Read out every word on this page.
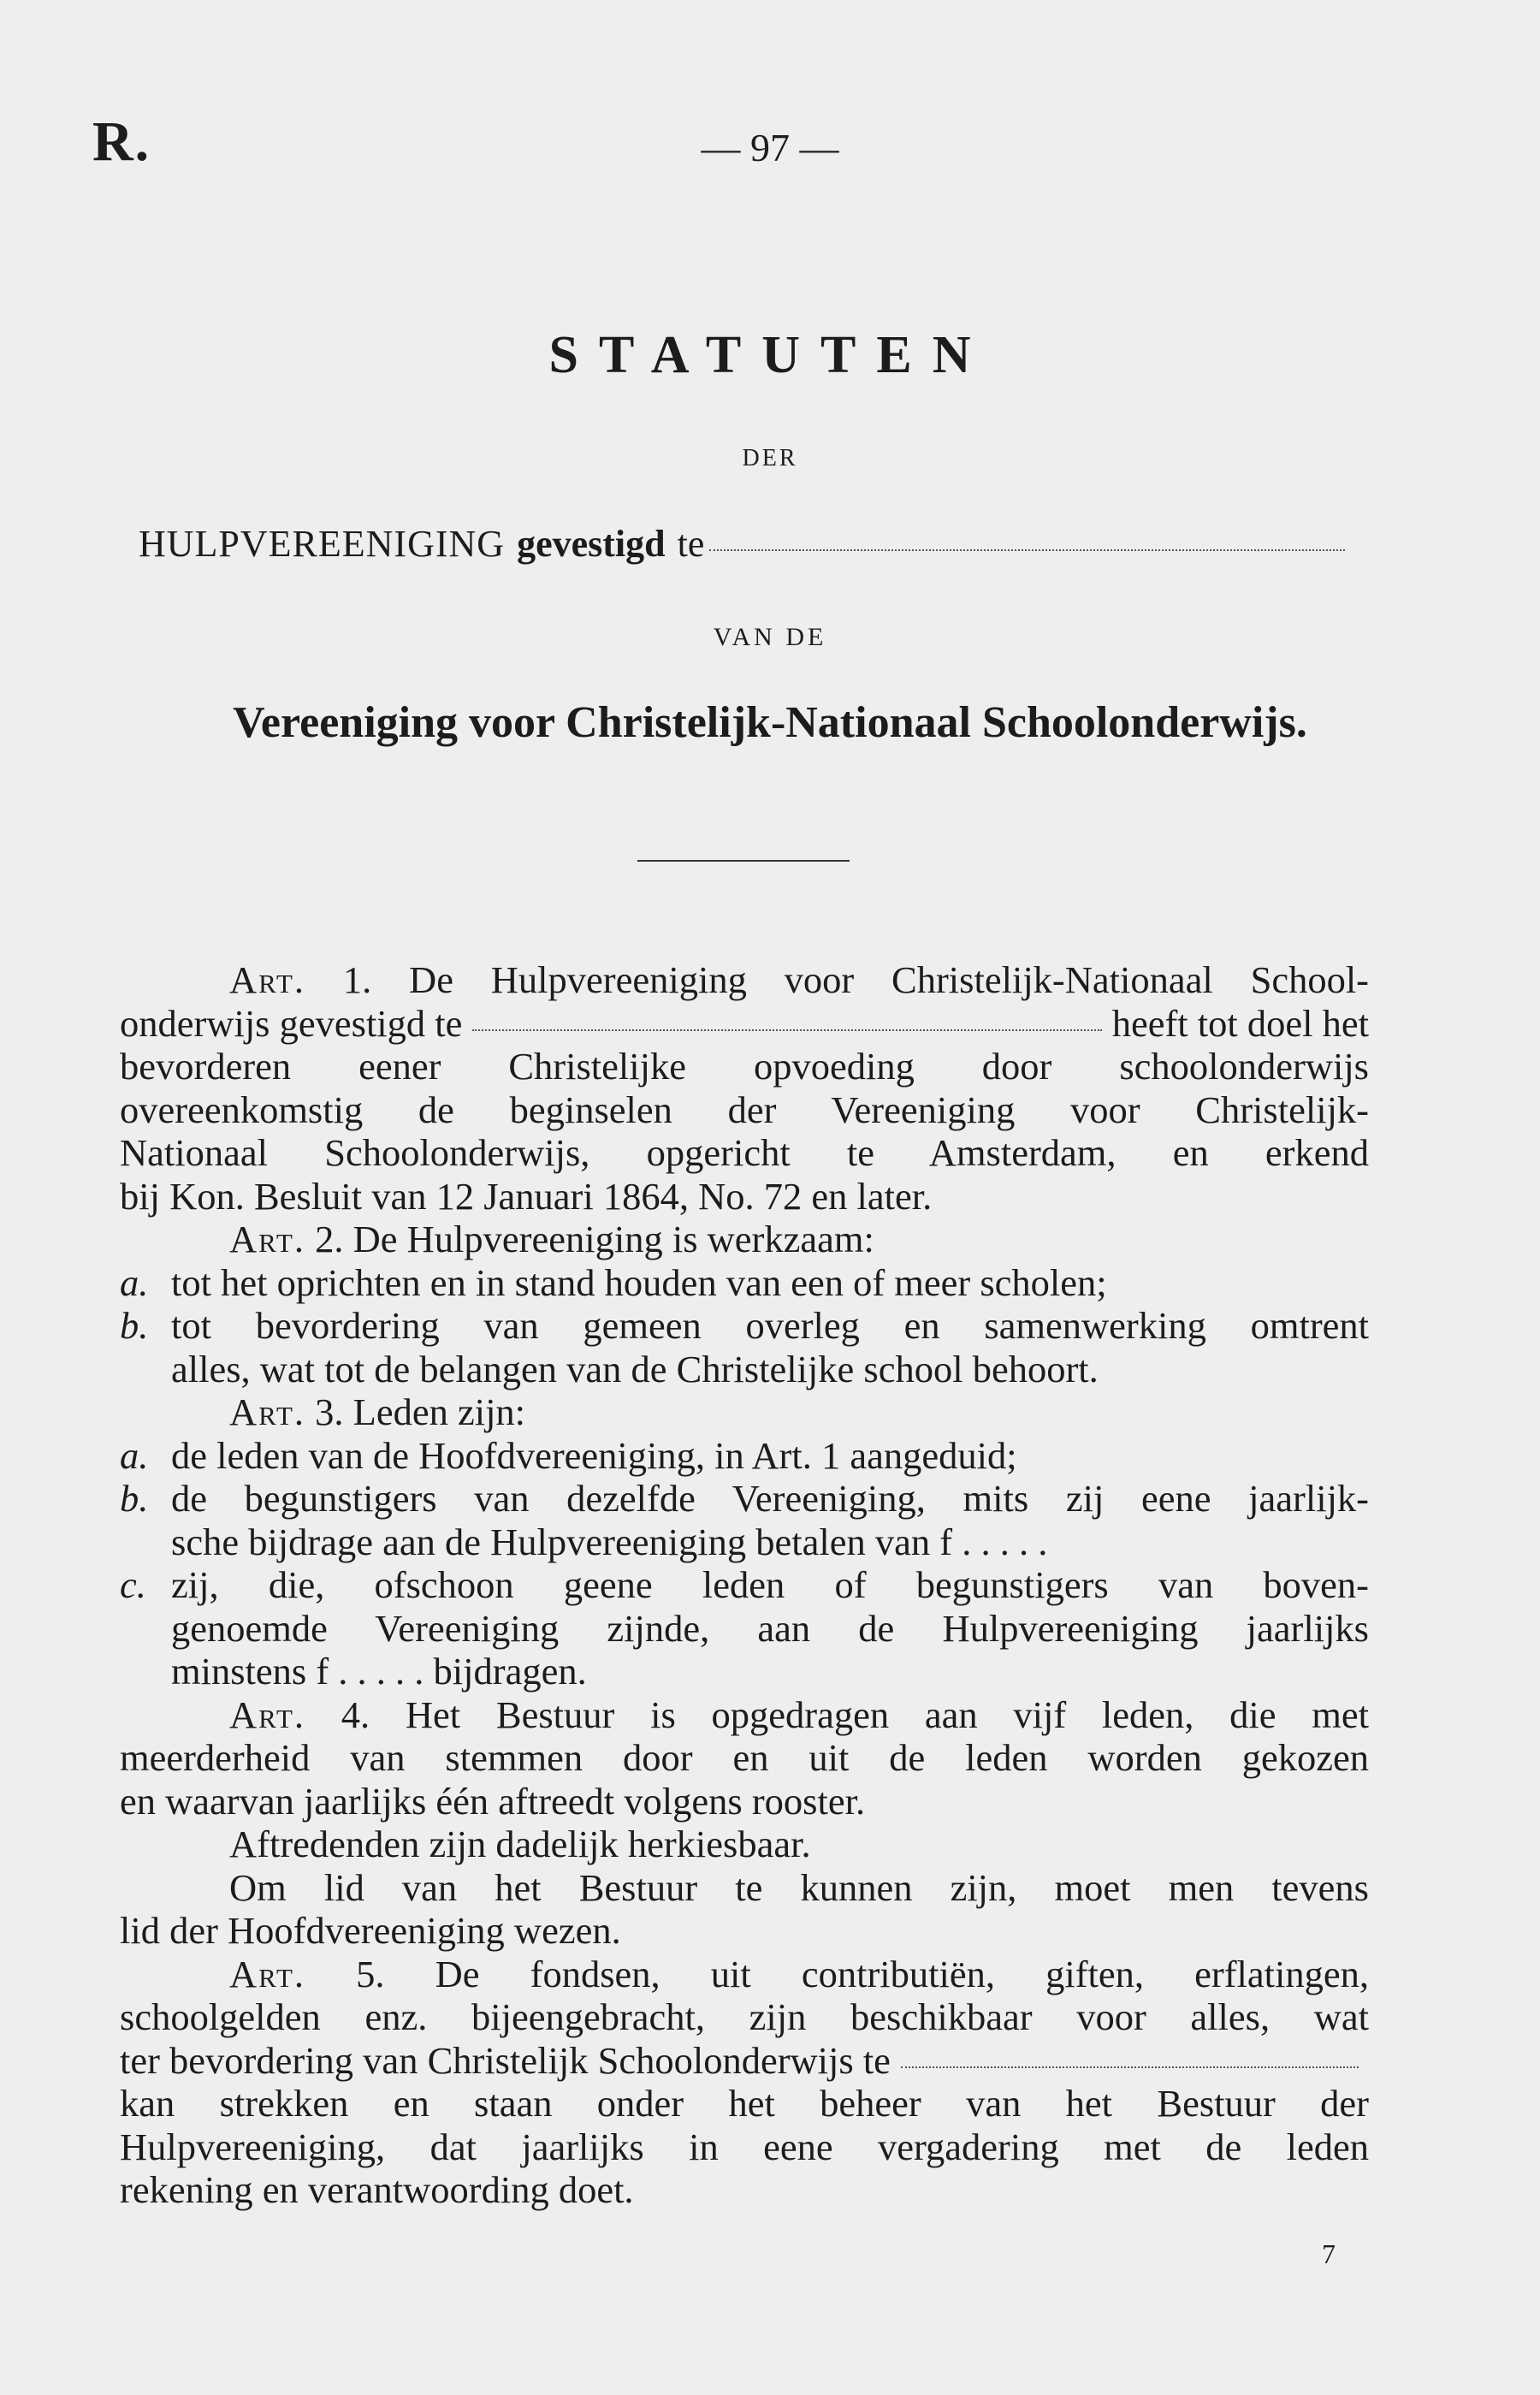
R.	— 97 —
STATUTEN
DER
HULPVEREENIGING gevestigd te
VAN DE
Vereeniging voor Christelijk-Nationaal Schoolonderwijs.
Art. 1. De Hulpvereeniging voor Christelijk-Nationaal School-
onderwijs gevestigd te	heeft tot doel het
bevorderen eener Christelijke opvoeding door schoolonderwijs
overeenkomstig de beginselen der Vereeniging voor Christelijk-
Nationaal Schoolonderwijs, opgericht te Amsterdam, en erkend
bij Kon. Besluit van 12 Januari 1864, No. 72 en later.
Art. 2. De Hulpvereeniging is werkzaam:
a. tot het oprichten en in stand houden van een of meer scholen;
b. tot bevordering van gemeen overleg en samenwerking omtrent
alles, wat tot de belangen van de Christelijke school behoort.
Art. 3. Leden zijn:
a. de leden van de Hoofdvereeniging, in Art. 1 aangeduid;
b. de begunstigers van dezelfde Vereeniging, mits zij eene jaarlijk-
sche bijdrage aan de Hulpvereeniging betalen van f . . . . .
c. zij, die, ofschoon geene leden of begunstigers van boven-
genoemde Vereeniging zijnde, aan de Hulpvereeniging jaarlijks
minstens f . . . . . bijdragen.
Art. 4. Het Bestuur is opgedragen aan vijf leden, die met
meerderheid van stemmen door en uit de leden worden gekozen
en waarvan jaarlijks één aftreedt volgens rooster.
Aftredenden zijn dadelijk herkiesbaar.
Om lid van het Bestuur te kunnen zijn, moet men tevens
lid der Hoofdvereeniging wezen.
Art. 5. De fondsen, uit contributiën, giften, erflatingen,
schoolgelden enz. bijeengebracht, zijn beschikbaar voor alles, wat
ter bevordering van Christelijk Schoolonderwijs te
kan strekken en staan onder het beheer van het Bestuur der
Hulpvereeniging, dat jaarlijks in eene vergadering met de leden
rekening en verantwoording doet.
7
